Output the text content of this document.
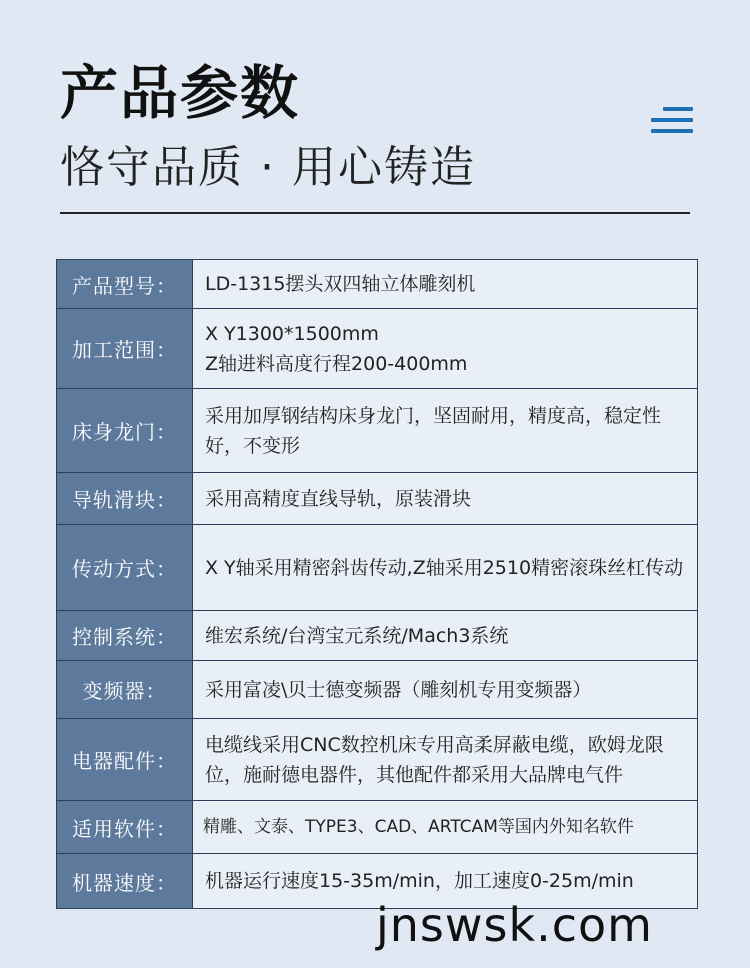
产品参数
恪守品质 · 用心铸造
产品型号：	LD-1315摆头双四轴立体雕刻机
加工范围：	X Y1300*1500mm
Z轴进料高度行程200-400mm
床身龙门：	采用加厚钢结构床身龙门，坚固耐用，精度高，稳定性好，不变形
导轨滑块：	采用高精度直线导轨，原装滑块
传动方式：	X Y轴采用精密斜齿传动,Z轴采用2510精密滚珠丝杠传动
控制系统：	维宏系统/台湾宝元系统/Mach3系统
变频器：	采用富凌\贝士德变频器（雕刻机专用变频器）
电器配件：	电缆线采用CNC数控机床专用高柔屏蔽电缆，欧姆龙限位，施耐德电器件，其他配件都采用大品牌电气件
适用软件：	精雕、文泰、TYPE3、CAD、ARTCAM等国内外知名软件
机器速度：	机器运行速度15-35m/min，加工速度0-25m/min
jnswsk.com
